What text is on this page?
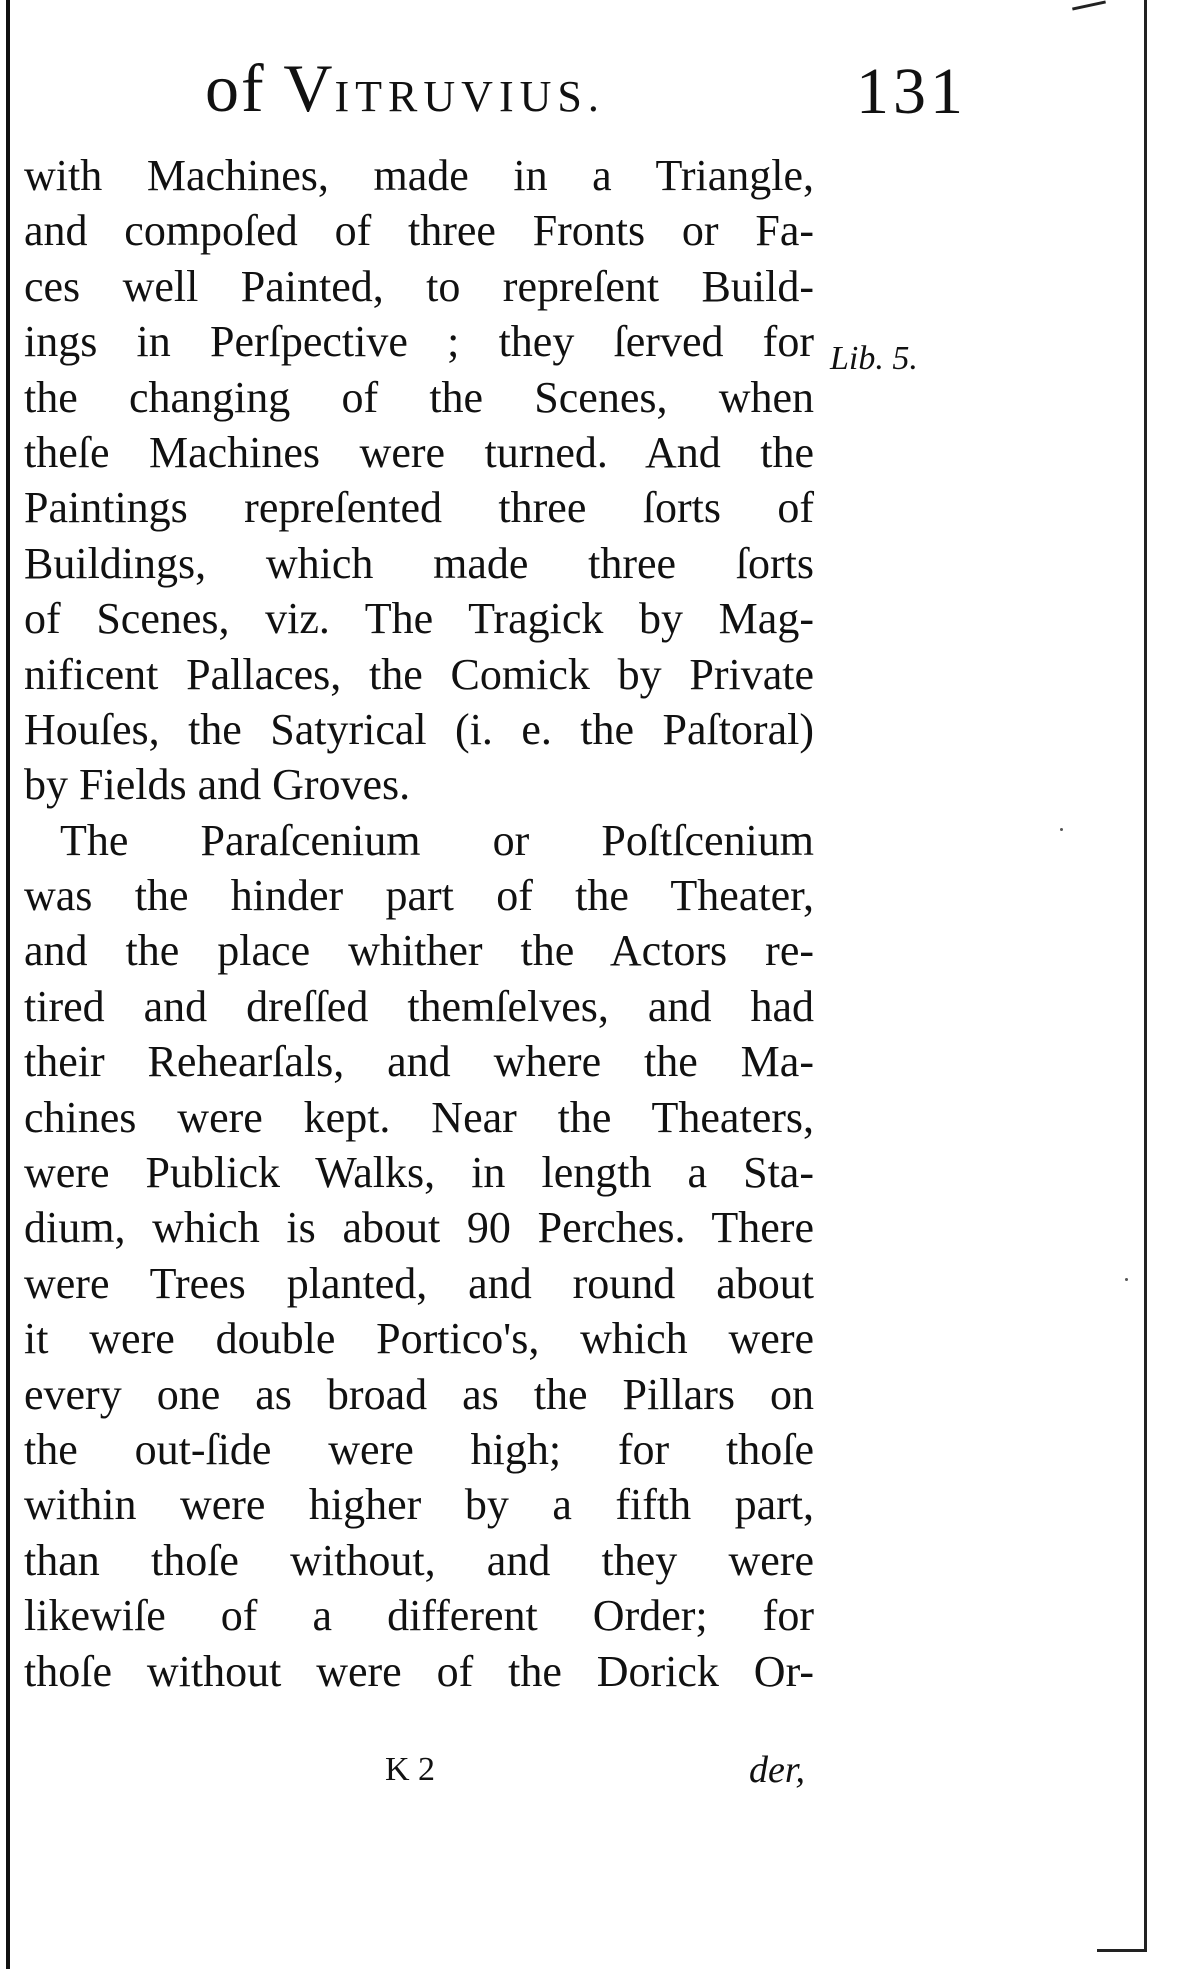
of VITRUVIUS.	131
Lib. 5.
with Machines, made in a Triangle,
and compoſed of three Fronts or Fa-
ces well Painted, to repreſent Build-
ings in Perſpective ; they ſerved for
the changing of the Scenes, when
theſe Machines were turned. And the
Paintings repreſented three ſorts of
Buildings, which made three ſorts
of Scenes, viz. The Tragick by Mag-
nificent Pallaces, the Comick by Private
Houſes, the Satyrical (i. e. the Paſtoral)
by Fields and Groves.
The Paraſcenium or Poſtſcenium
was the hinder part of the Theater,
and the place whither the Actors re-
tired and dreſſed themſelves, and had
their Rehearſals, and where the Ma-
chines were kept. Near the Theaters,
were Publick Walks, in length a Sta-
dium, which is about 90 Perches. There
were Trees planted, and round about
it were double Portico's, which were
every one as broad as the Pillars on
the out-ſide were high; for thoſe
within were higher by a fifth part,
than thoſe without, and they were
likewiſe of a different Order; for
thoſe without were of the Dorick Or-
K 2	der,
